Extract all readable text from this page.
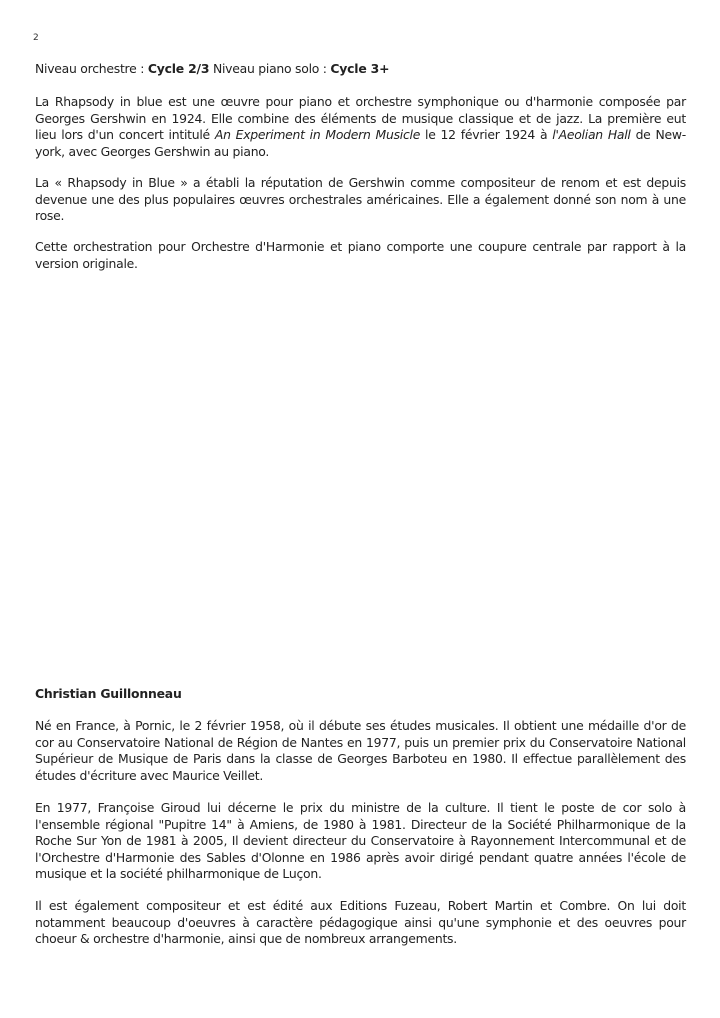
2

Niveau orchestre : Cycle 2/3 Niveau piano solo : Cycle 3+

La Rhapsody in blue est une œuvre pour piano et orchestre symphonique ou d'harmonie composée par Georges Gershwin en 1924. Elle combine des éléments de musique classique et de jazz. La première eut lieu lors d'un concert intitulé An Experiment in Modern Musicle le 12 février 1924 à l'Aeolian Hall de New-york, avec Georges Gershwin au piano.

La « Rhapsody in Blue » a établi la réputation de Gershwin comme compositeur de renom et est depuis devenue une des plus populaires œuvres orchestrales américaines. Elle a également donné son nom à une rose.

Cette orchestration pour Orchestre d'Harmonie et piano comporte une coupure centrale par rapport à la version originale.

Christian Guillonneau

Né en France, à Pornic, le 2 février 1958, où il débute ses études musicales. Il obtient une médaille d'or de cor au Conservatoire National de Région de Nantes en 1977, puis un premier prix du Conservatoire National Supérieur de Musique de Paris dans la classe de Georges Barboteu en 1980. Il effectue parallèlement des études d'écriture avec Maurice Veillet.

En 1977, Françoise Giroud lui décerne le prix du ministre de la culture. Il tient le poste de cor solo à l'ensemble régional "Pupitre 14" à Amiens, de 1980 à 1981. Directeur de la Société Philharmonique de la Roche Sur Yon de 1981 à 2005, Il devient directeur du Conservatoire à Rayonnement Intercommunal et de l'Orchestre d'Harmonie des Sables d'Olonne en 1986 après avoir dirigé pendant quatre années l'école de musique et la société philharmonique de Luçon.

Il est également compositeur et est édité aux Editions Fuzeau, Robert Martin et Combre. On lui doit notamment beaucoup d'oeuvres à caractère pédagogique ainsi qu'une symphonie et des oeuvres pour choeur & orchestre d'harmonie, ainsi que de nombreux arrangements.
